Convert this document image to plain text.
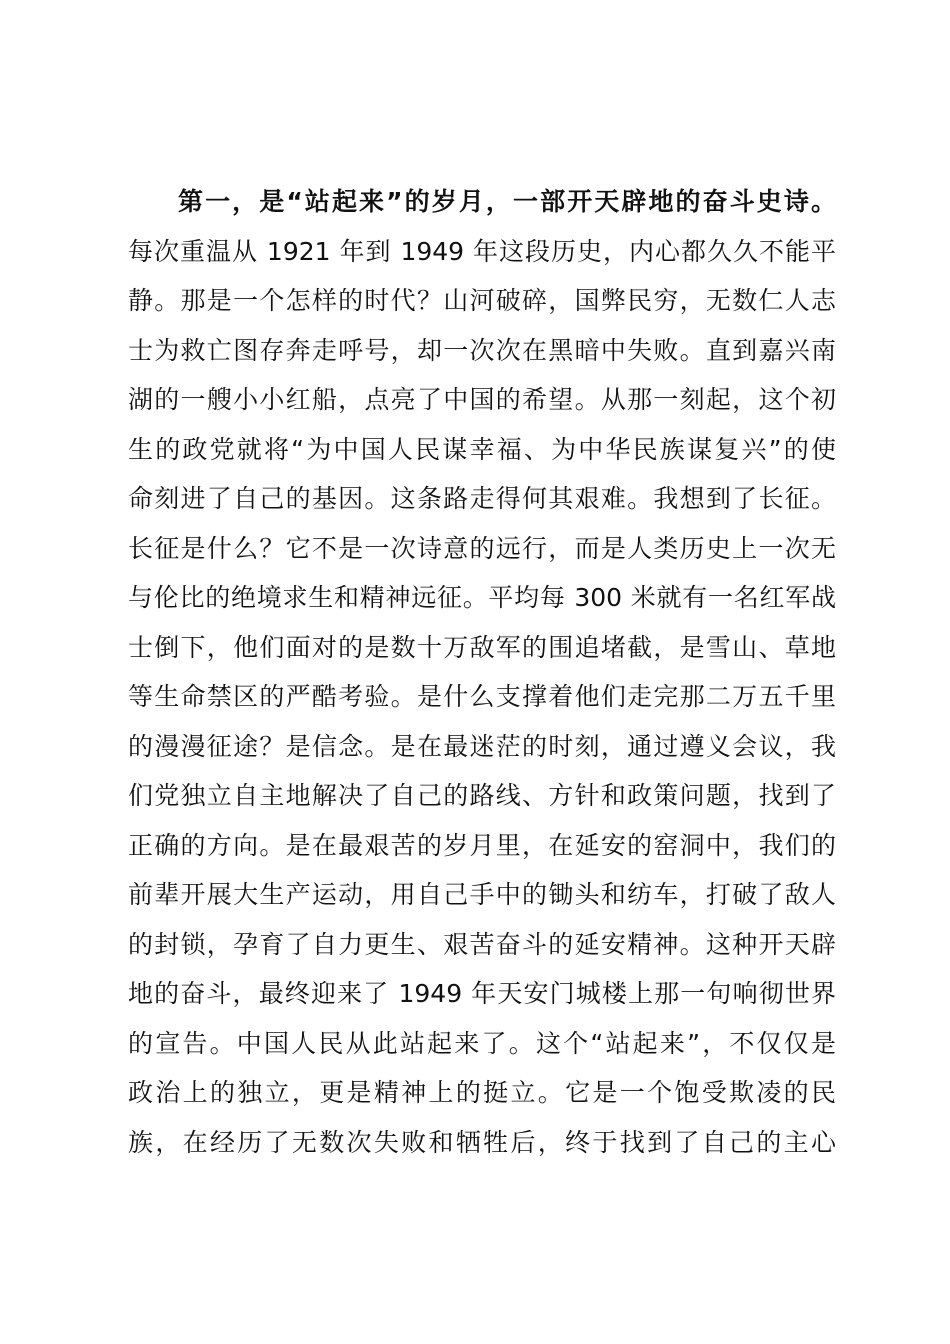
第一，是“站起来”的岁月，一部开天辟地的奋斗史诗。
每次重温从 1921 年到 1949 年这段历史，内心都久久不能平
静。那是一个怎样的时代？山河破碎，国弊民穷，无数仁人志
士为救亡图存奔走呼号，却一次次在黑暗中失败。直到嘉兴南
湖的一艘小小红船，点亮了中国的希望。从那一刻起，这个初
生的政党就将“为中国人民谋幸福、为中华民族谋复兴”的使
命刻进了自己的基因。这条路走得何其艰难。我想到了长征。
长征是什么？它不是一次诗意的远行，而是人类历史上一次无
与伦比的绝境求生和精神远征。平均每 300 米就有一名红军战
士倒下，他们面对的是数十万敌军的围追堵截，是雪山、草地
等生命禁区的严酷考验。是什么支撑着他们走完那二万五千里
的漫漫征途？是信念。是在最迷茫的时刻，通过遵义会议，我
们党独立自主地解决了自己的路线、方针和政策问题，找到了
正确的方向。是在最艰苦的岁月里，在延安的窑洞中，我们的
前辈开展大生产运动，用自己手中的锄头和纺车，打破了敌人
的封锁，孕育了自力更生、艰苦奋斗的延安精神。这种开天辟
地的奋斗，最终迎来了 1949 年天安门城楼上那一句响彻世界
的宣告。中国人民从此站起来了。这个“站起来”，不仅仅是
政治上的独立，更是精神上的挺立。它是一个饱受欺凌的民
族，在经历了无数次失败和牺牲后，终于找到了自己的主心
